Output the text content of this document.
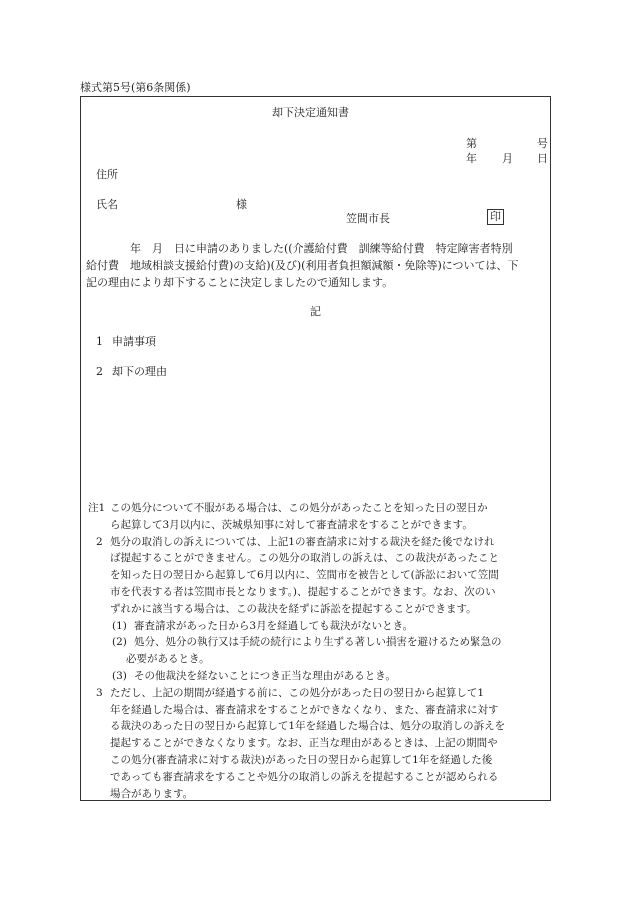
様式第5号(第6条関係)
却下決定通知書
第	号
年 月 日
住所
氏名	様
笠間市長	印
年　月　日に申請のありました((介護給付費　訓練等給付費　特定障害者特別
給付費　地域相談支援給付費)の支給)(及び)(利用者負担額減額・免除等)については、下
記の理由により却下することに決定しましたので通知します。
記
1 申請事項
2 却下の理由
注1 この処分について不服がある場合は、この処分があったことを知った日の翌日か
ら起算して3月以内に、茨城県知事に対して審査請求をすることができます。
2 処分の取消しの訴えについては、上記1の審査請求に対する裁決を経た後でなけれ
ば提起することができません。この処分の取消しの訴えは、この裁決があったこと
を知った日の翌日から起算して6月以内に、笠間市を被告として(訴訟において笠間
市を代表する者は笠間市長となります。)、提起することができます。なお、次のい
ずれかに該当する場合は、この裁決を経ずに訴訟を提起することができます。
(1) 審査請求があった日から3月を経過しても裁決がないとき。
(2) 処分、処分の執行又は手続の続行により生ずる著しい損害を避けるため緊急の
必要があるとき。
(3) その他裁決を経ないことにつき正当な理由があるとき。
3 ただし、上記の期間が経過する前に、この処分があった日の翌日から起算して1
年を経過した場合は、審査請求をすることができなくなり、また、審査請求に対す
る裁決のあった日の翌日から起算して1年を経過した場合は、処分の取消しの訴えを
提起することができなくなります。なお、正当な理由があるときは、上記の期間や
この処分(審査請求に対する裁決)があった日の翌日から起算して1年を経過した後
であっても審査請求をすることや処分の取消しの訴えを提起することが認められる
場合があります。
